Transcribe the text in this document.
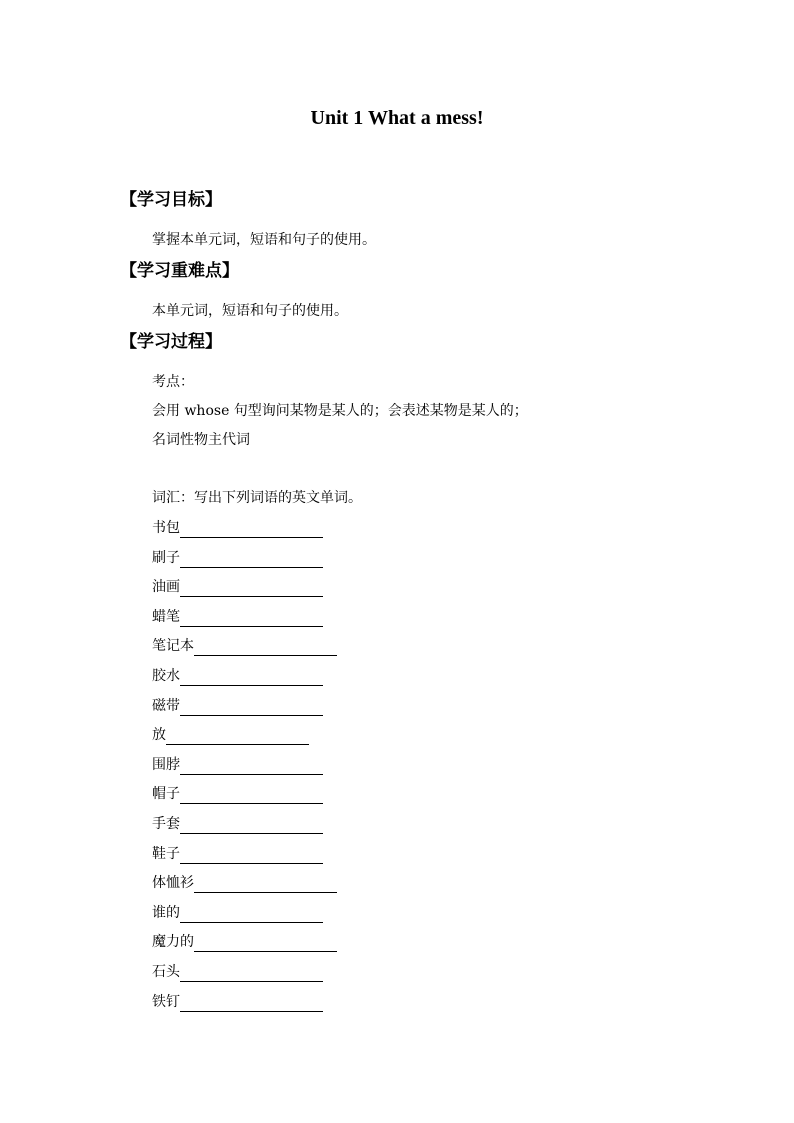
Unit 1 What a mess!
【学习目标】
掌握本单元词，短语和句子的使用。
【学习重难点】
本单元词，短语和句子的使用。
【学习过程】
考点：
会用 whose 句型询问某物是某人的；会表述某物是某人的；
名词性物主代词
词汇：写出下列词语的英文单词。
书包
刷子
油画
蜡笔
笔记本
胶水
磁带
放
围脖
帽子
手套
鞋子
体恤衫
谁的
魔力的
石头
铁钉
